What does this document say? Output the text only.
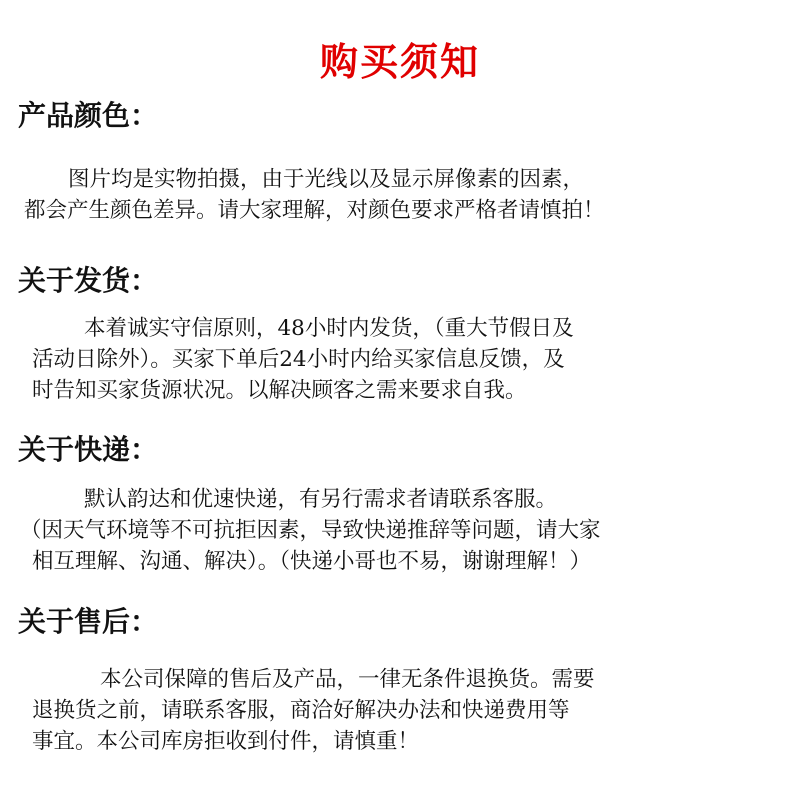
购买须知
产品颜色：
图片均是实物拍摄，由于光线以及显示屏像素的因素，
都会产生颜色差异。请大家理解，对颜色要求严格者请慎拍！
关于发货：
本着诚实守信原则，48小时内发货，（重大节假日及
活动日除外）。买家下单后24小时内给买家信息反馈，及
时告知买家货源状况。以解决顾客之需来要求自我。
关于快递：
默认韵达和优速快递，有另行需求者请联系客服。
（因天气环境等不可抗拒因素，导致快递推辞等问题，请大家
相互理解、沟通、解决）。（快递小哥也不易，谢谢理解！）
关于售后：
本公司保障的售后及产品，一律无条件退换货。需要
退换货之前，请联系客服，商洽好解决办法和快递费用等
事宜。本公司库房拒收到付件，请慎重！
